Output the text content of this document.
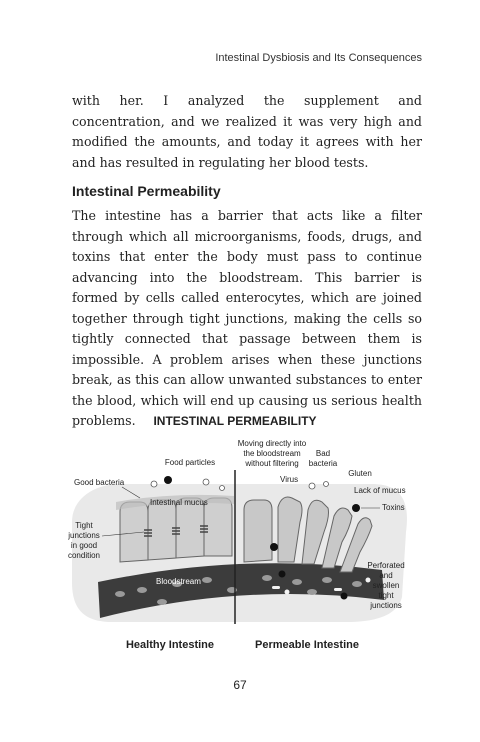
Intestinal Dysbiosis and Its Consequences

with her. I analyzed the supplement and concentration, and we realized it was very high and modified the amounts, and today it agrees with her and has resulted in regulating her blood tests.

Intestinal Permeability

The intestine has a barrier that acts like a filter through which all microorganisms, foods, drugs, and toxins that enter the body must pass to continue advancing into the bloodstream. This barrier is formed by cells called enterocytes, which are joined together through tight junctions, making the cells so tightly connected that passage between them is impossible. A problem arises when these junctions break, as this can allow unwanted substances to enter the blood, which will end up causing us serious health problems.	INTESTINAL PERMEABILITY
Food particles
Moving directly into
the bloodstream
without filtering
Bad
bacteria
Gluten
Good bacteria	Virus
Lack of mucus
Intestinal mucus
Toxins
Tight
junctions
in good
condition
Bloodstream
Perforated
and
swollen
tight
junctions
Healthy Intestine	Permeable Intestine
67
